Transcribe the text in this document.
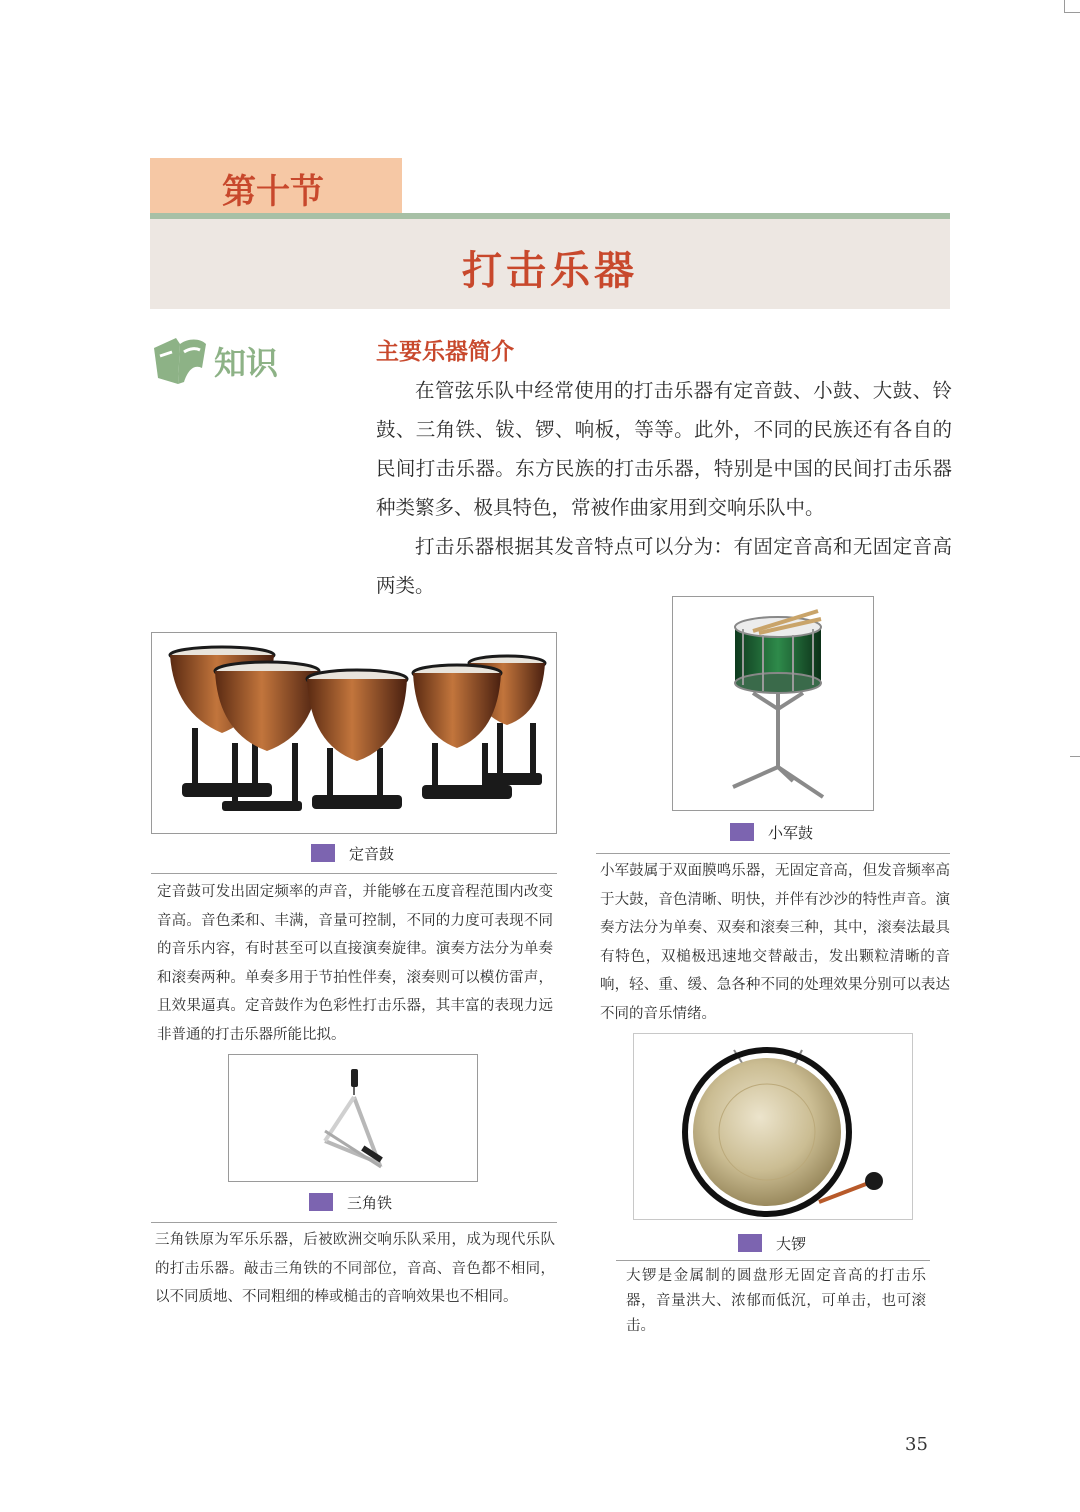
第十节
打击乐器
知识	主要乐器简介

在管弦乐队中经常使用的打击乐器有定音鼓、小鼓、大鼓、铃鼓、三角铁、钹、锣、响板，等等。此外，不同的民族还有各自的民间打击乐器。东方民族的打击乐器，特别是中国的民间打击乐器种类繁多、极具特色，常被作曲家用到交响乐队中。

打击乐器根据其发音特点可以分为：有固定音高和无固定音高两类。

定音鼓

定音鼓可发出固定频率的声音，并能够在五度音程范围内改变音高。音色柔和、丰满，音量可控制，不同的力度可表现不同的音乐内容，有时甚至可以直接演奏旋律。演奏方法分为单奏和滚奏两种。单奏多用于节拍性伴奏，滚奏则可以模仿雷声，且效果逼真。定音鼓作为色彩性打击乐器，其丰富的表现力远非普通的打击乐器所能比拟。

小军鼓

小军鼓属于双面膜鸣乐器，无固定音高，但发音频率高于大鼓，音色清晰、明快，并伴有沙沙的特性声音。演奏方法分为单奏、双奏和滚奏三种，其中，滚奏法最具有特色，双槌极迅速地交替敲击，发出颗粒清晰的音响，轻、重、缓、急各种不同的处理效果分别可以表达不同的音乐情绪。

三角铁

三角铁原为军乐乐器，后被欧洲交响乐队采用，成为现代乐队的打击乐器。敲击三角铁的不同部位，音高、音色都不相同，以不同质地、不同粗细的棒或槌击的音响效果也不相同。

大锣

大锣是金属制的圆盘形无固定音高的打击乐器，音量洪大、浓郁而低沉，可单击，也可滚击。

35
